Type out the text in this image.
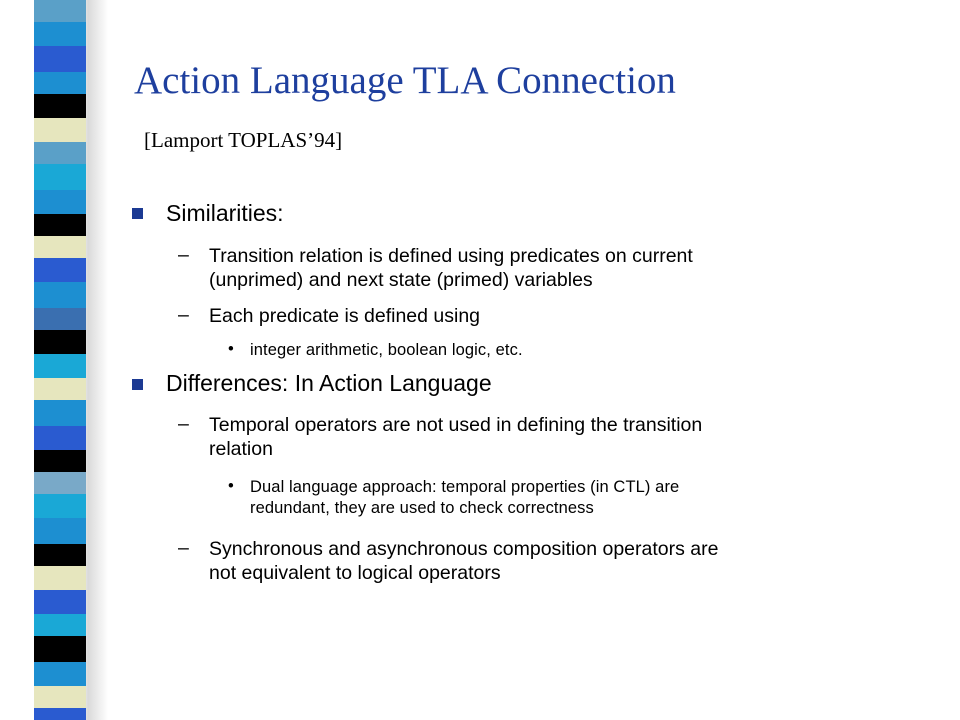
Action Language TLA Connection
[Lamport TOPLAS’94]
Similarities:
– Transition relation is defined using predicates on current
(unprimed) and next state (primed) variables
– Each predicate is defined using
• integer arithmetic, boolean logic, etc.
Differences: In Action Language
– Temporal operators are not used in defining the transition
relation
• Dual language approach: temporal properties (in CTL) are
redundant, they are used to check correctness
– Synchronous and asynchronous composition operators are
not equivalent to logical operators
